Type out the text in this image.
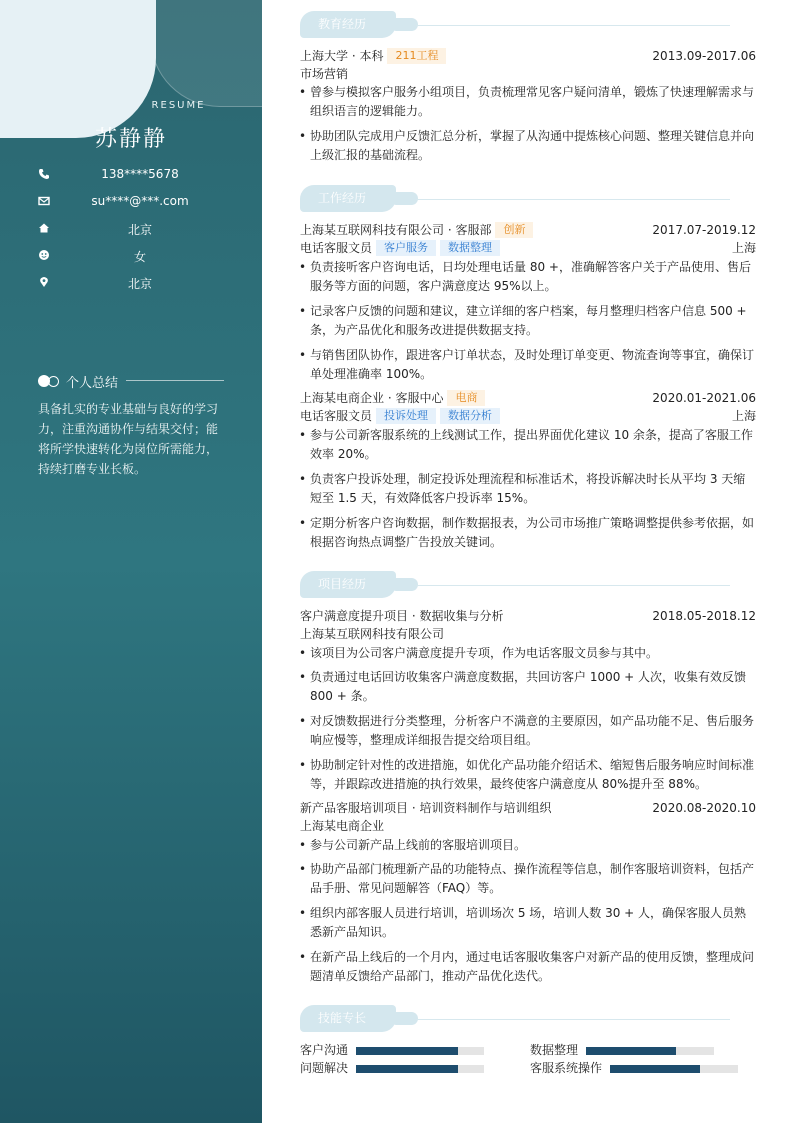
RESUME
苏静静
138****5678
su****@***.com
北京
女
北京
个人总结
具备扎实的专业基础与良好的学习力，注重沟通协作与结果交付；能将所学快速转化为岗位所需能力，持续打磨专业长板。
教育经历
上海大学 · 本科 211工程	2013.09-2017.06
市场营销
• 曾参与模拟客户服务小组项目，负责梳理常见客户疑问清单，锻炼了快速理解需求与组织语言的逻辑能力。
• 协助团队完成用户反馈汇总分析，掌握了从沟通中提炼核心问题、整理关键信息并向上级汇报的基础流程。
工作经历
上海某互联网科技有限公司 · 客服部 创新	2017.07-2019.12
电话客服文员 客户服务 数据整理	上海
• 负责接听客户咨询电话，日均处理电话量 80 +，准确解答客户关于产品使用、售后服务等方面的问题，客户满意度达 95%以上。
• 记录客户反馈的问题和建议，建立详细的客户档案，每月整理归档客户信息 500 + 条，为产品优化和服务改进提供数据支持。
• 与销售团队协作，跟进客户订单状态，及时处理订单变更、物流查询等事宜，确保订单处理准确率 100%。
上海某电商企业 · 客服中心 电商	2020.01-2021.06
电话客服文员 投诉处理 数据分析	上海
• 参与公司新客服系统的上线测试工作，提出界面优化建议 10 余条，提高了客服工作效率 20%。
• 负责客户投诉处理，制定投诉处理流程和标准话术，将投诉解决时长从平均 3 天缩短至 1.5 天，有效降低客户投诉率 15%。
• 定期分析客户咨询数据，制作数据报表，为公司市场推广策略调整提供参考依据，如根据咨询热点调整广告投放关键词。
项目经历
客户满意度提升项目 · 数据收集与分析	2018.05-2018.12
上海某互联网科技有限公司
• 该项目为公司客户满意度提升专项，作为电话客服文员参与其中。
• 负责通过电话回访收集客户满意度数据，共回访客户 1000 + 人次，收集有效反馈 800 + 条。
• 对反馈数据进行分类整理，分析客户不满意的主要原因，如产品功能不足、售后服务响应慢等，整理成详细报告提交给项目组。
• 协助制定针对性的改进措施，如优化产品功能介绍话术、缩短售后服务响应时间标准等，并跟踪改进措施的执行效果，最终使客户满意度从 80%提升至 88%。
新产品客服培训项目 · 培训资料制作与培训组织	2020.08-2020.10
上海某电商企业
• 参与公司新产品上线前的客服培训项目。
• 协助产品部门梳理新产品的功能特点、操作流程等信息，制作客服培训资料，包括产品手册、常见问题解答（FAQ）等。
• 组织内部客服人员进行培训，培训场次 5 场，培训人数 30 + 人，确保客服人员熟悉新产品知识。
• 在新产品上线后的一个月内，通过电话客服收集客户对新产品的使用反馈，整理成问题清单反馈给产品部门，推动产品优化迭代。
技能专长
客户沟通	数据整理
问题解决	客服系统操作
